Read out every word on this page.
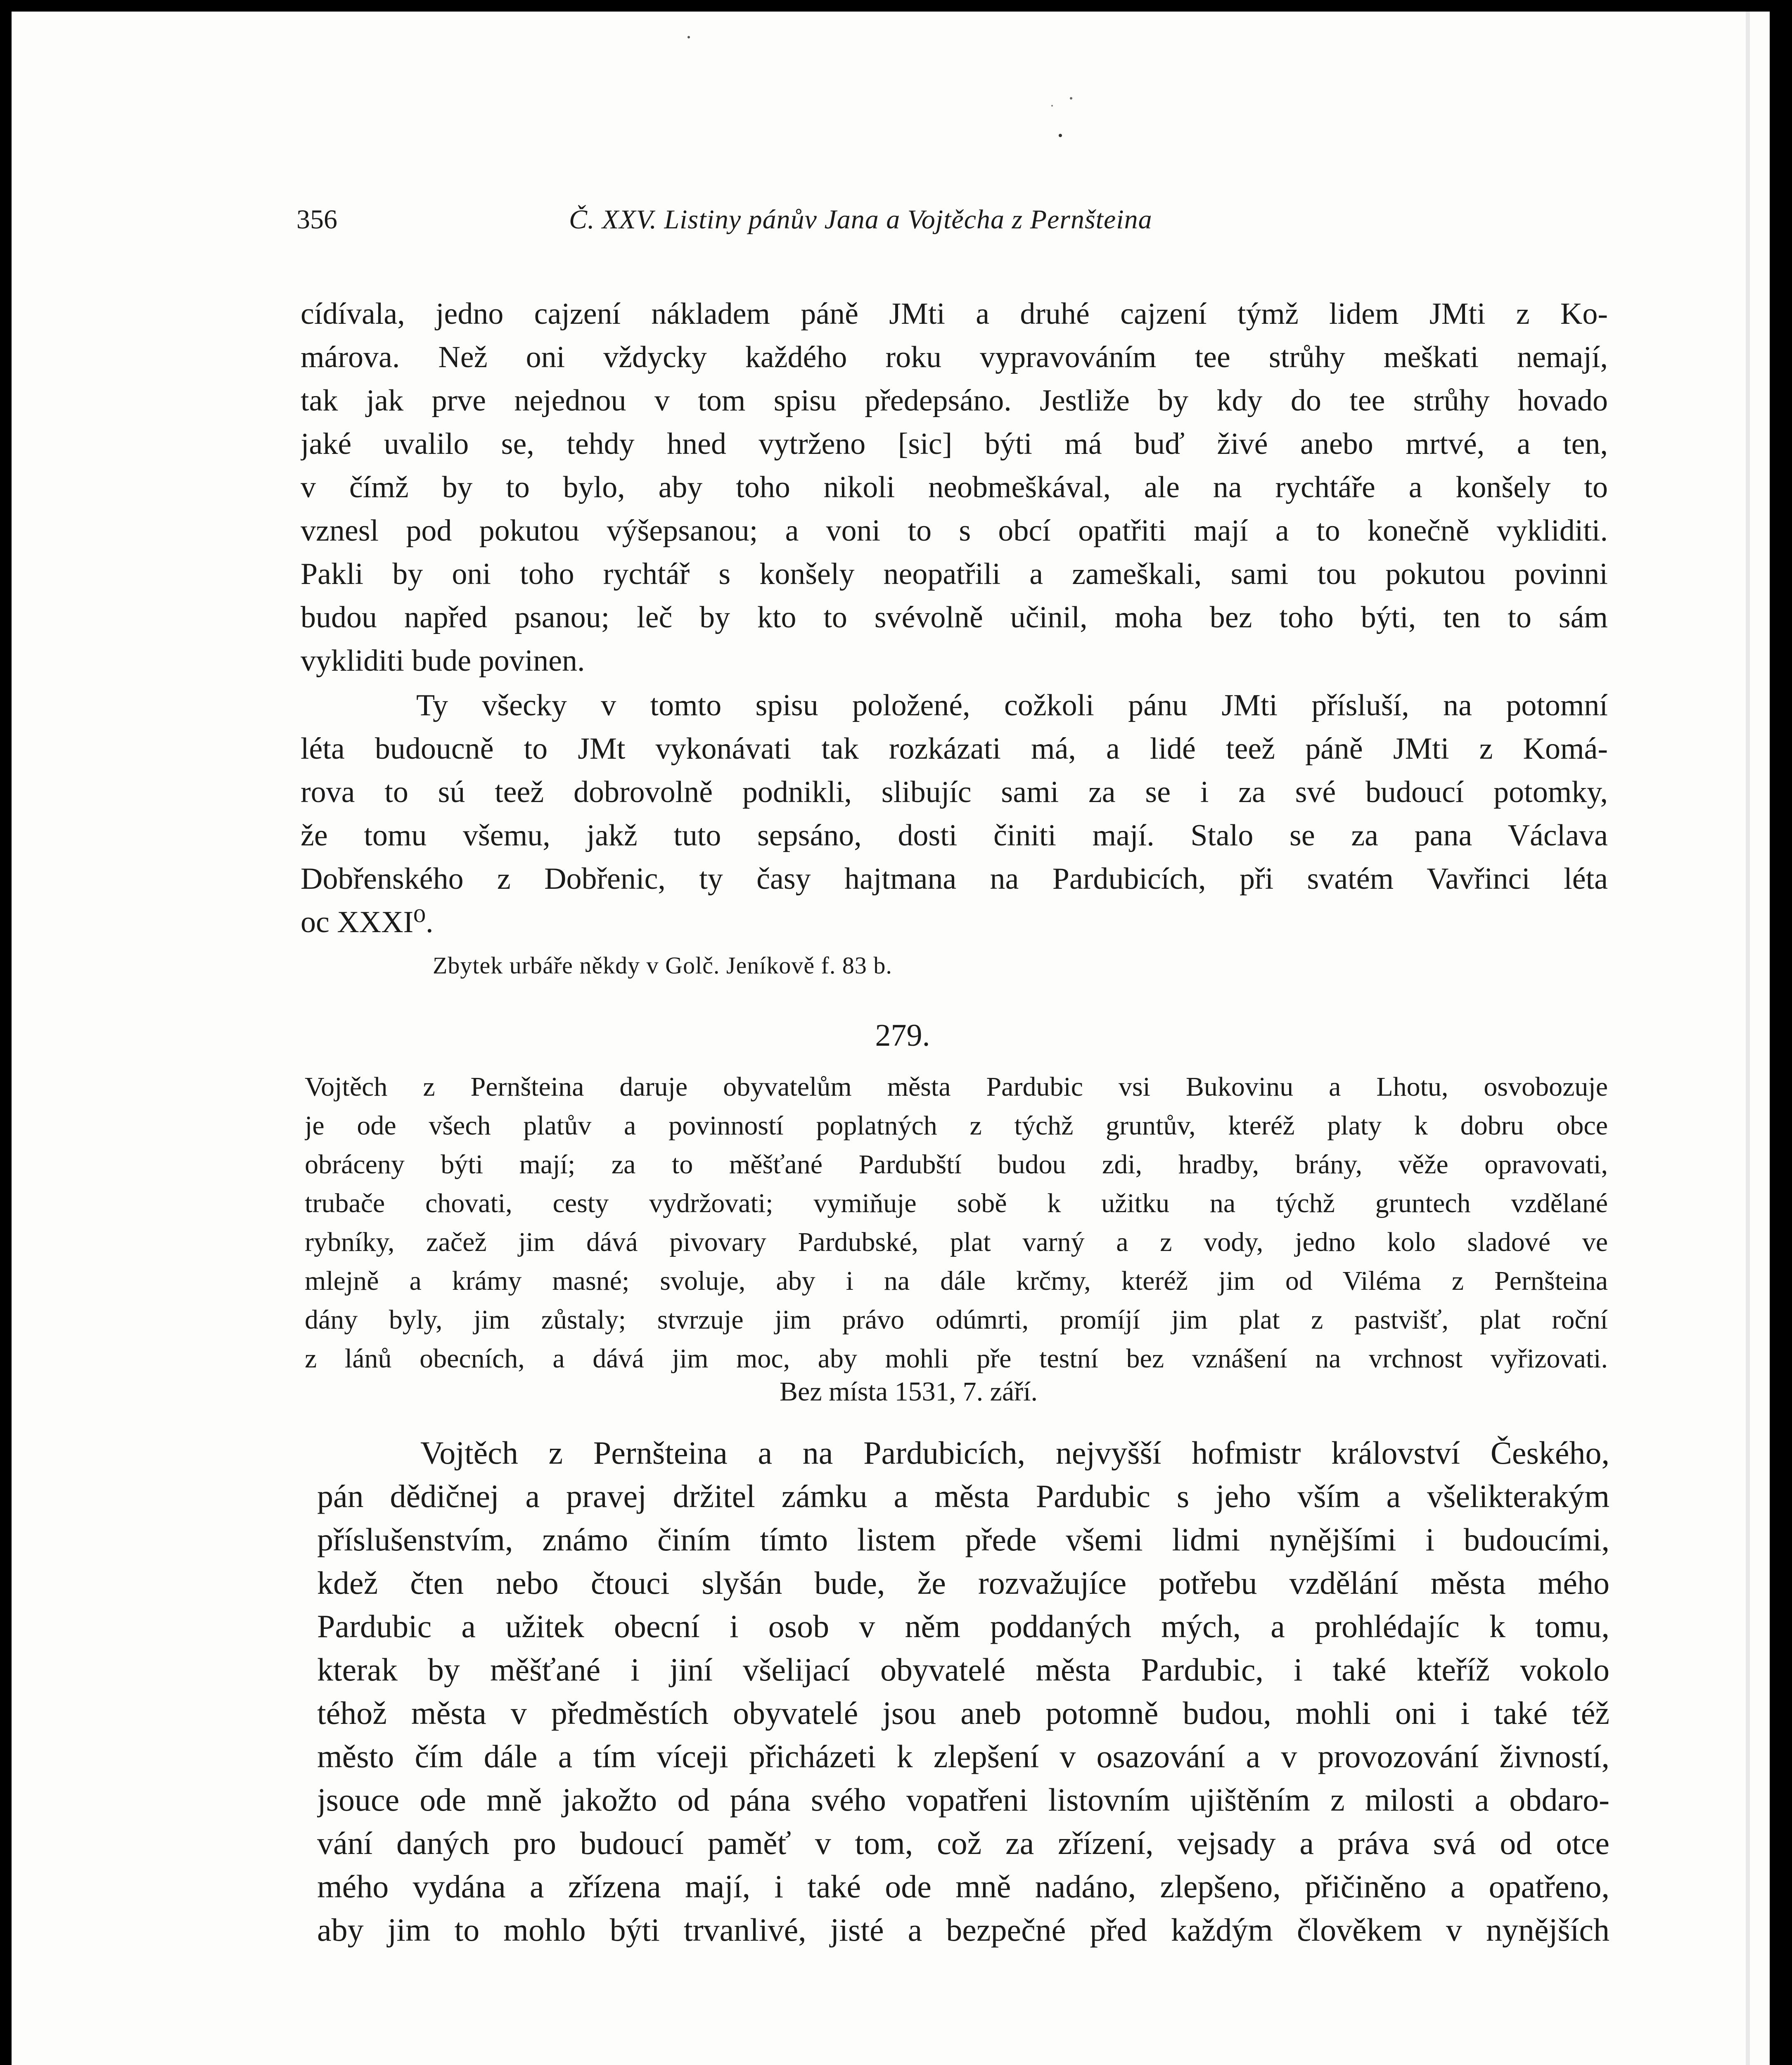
356	Č. XXV. Listiny pánův Jana a Vojtěcha z Pernšteina
cídívala, jedno cajzení nákladem páně JMti a druhé cajzení týmž lidem JMti z Ko-
márova. Než oni vždycky každého roku vypravováním tee strůhy meškati nemají,
tak jak prve nejednou v tom spisu předepsáno. Jestliže by kdy do tee strůhy hovado
jaké uvalilo se, tehdy hned vytrženo [sic] býti má buď živé anebo mrtvé, a ten,
v čímž by to bylo, aby toho nikoli neobmeškával, ale na rychtáře a konšely to
vznesl pod pokutou výšepsanou; a voni to s obcí opatřiti mají a to konečně vykliditi.
Pakli by oni toho rychtář s konšely neopatřili a zameškali, sami tou pokutou povinni
budou napřed psanou; leč by kto to svévolně učinil, moha bez toho býti, ten to sám
vykliditi bude povinen.
Ty všecky v tomto spisu položené, cožkoli pánu JMti přísluší, na potomní
léta budoucně to JMt vykonávati tak rozkázati má, a lidé teež páně JMti z Komá-
rova to sú teež dobrovolně podnikli, slibujíc sami za se i za své budoucí potomky,
že tomu všemu, jakž tuto sepsáno, dosti činiti mají. Stalo se za pana Václava
Dobřenského z Dobřenic, ty časy hajtmana na Pardubicích, při svatém Vavřinci léta
oc XXXI⁰.
Zbytek urbáře někdy v Golč. Jeníkově f. 83 b.
279.
Vojtěch z Pernšteina daruje obyvatelům města Pardubic vsi Bukovinu a Lhotu, osvobozuje
je ode všech platův a povinností poplatných z týchž gruntův, kteréž platy k dobru obce
obráceny býti mají; za to měšťané Pardubští budou zdi, hradby, brány, věže opravovati,
trubače chovati, cesty vydržovati; vymiňuje sobě k užitku na týchž gruntech vzdělané
rybníky, začež jim dává pivovary Pardubské, plat varný a z vody, jedno kolo sladové ve
mlejně a krámy masné; svoluje, aby i na dále krčmy, kteréž jim od Viléma z Pernšteina
dány byly, jim zůstaly; stvrzuje jim právo odúmrti, promíjí jim plat z pastvišť, plat roční
z lánů obecních, a dává jim moc, aby mohli pře testní bez vznášení na vrchnost vyřizovati.
Bez místa 1531, 7. září.
Vojtěch z Pernšteina a na Pardubicích, nejvyšší hofmistr království Českého,
pán dědičnej a pravej držitel zámku a města Pardubic s jeho vším a všelikterakým
příslušenstvím, známo činím tímto listem přede všemi lidmi nynějšími i budoucími,
kdež čten nebo čtouci slyšán bude, že rozvažujíce potřebu vzdělání města mého
Pardubic a užitek obecní i osob v něm poddaných mých, a prohlédajíc k tomu,
kterak by měšťané i jiní všelijací obyvatelé města Pardubic, i také kteříž vokolo
téhož města v předměstích obyvatelé jsou aneb potomně budou, mohli oni i také též
město čím dále a tím víceji přicházeti k zlepšení v osazování a v provozování živností,
jsouce ode mně jakožto od pána svého vopatřeni listovním ujištěním z milosti a obdaro-
vání daných pro budoucí paměť v tom, což za zřízení, vejsady a práva svá od otce
mého vydána a zřízena mají, i také ode mně nadáno, zlepšeno, přičiněno a opatřeno,
aby jim to mohlo býti trvanlivé, jisté a bezpečné před každým člověkem v nynějších
